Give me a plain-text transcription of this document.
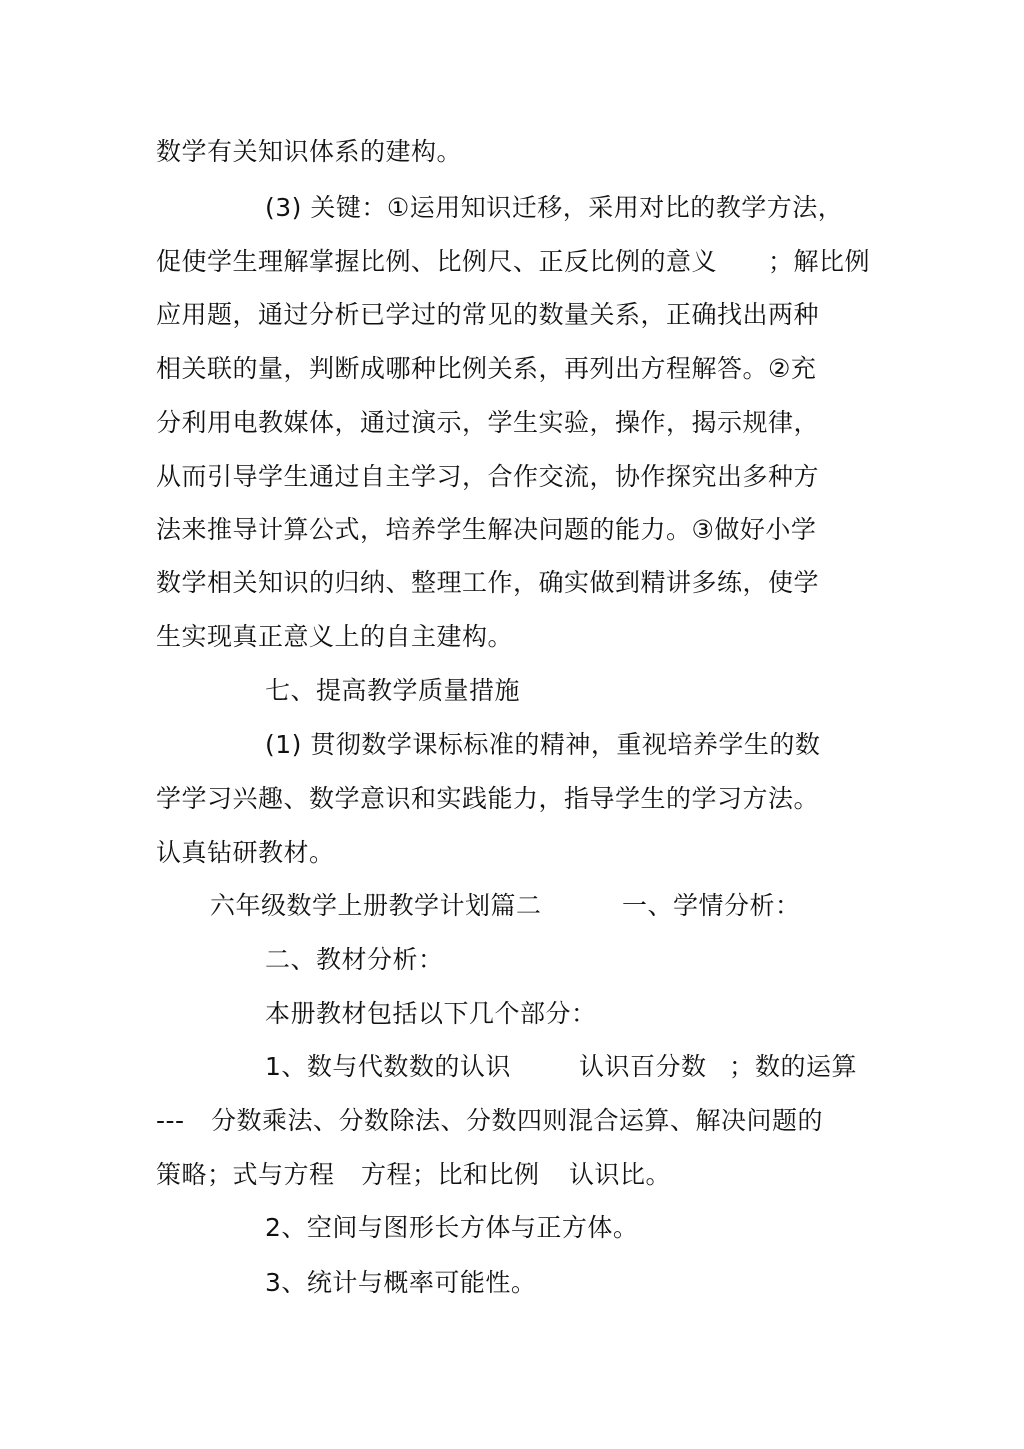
数学有关知识体系的建构。
(3) 关键：①运用知识迁移，采用对比的教学方法，
促使学生理解掌握比例、比例尺、正反比例的意义 ；解比例
应用题，通过分析已学过的常见的数量关系，正确找出两种
相关联的量，判断成哪种比例关系，再列出方程解答。②充
分利用电教媒体，通过演示，学生实验，操作，揭示规律，
从而引导学生通过自主学习，合作交流，协作探究出多种方
法来推导计算公式，培养学生解决问题的能力。③做好小学
数学相关知识的归纳、整理工作，确实做到精讲多练，使学
生实现真正意义上的自主建构。
七、提高教学质量措施
(1) 贯彻数学课标标准的精神，重视培养学生的数
学学习兴趣、数学意识和实践能力，指导学生的学习方法。
认真钻研教材。
六年级数学上册教学计划篇二	一、学情分析：
二、教材分析：
本册教材包括以下几个部分：
1、数与代数数的认识	认识百分数 ； 数的运算
--- 分数乘法、分数除法、分数四则混合运算、解决问题的
策略；式与方程 方程；比和比例 认识比。
2、空间与图形长方体与正方体。
3、统计与概率可能性。
